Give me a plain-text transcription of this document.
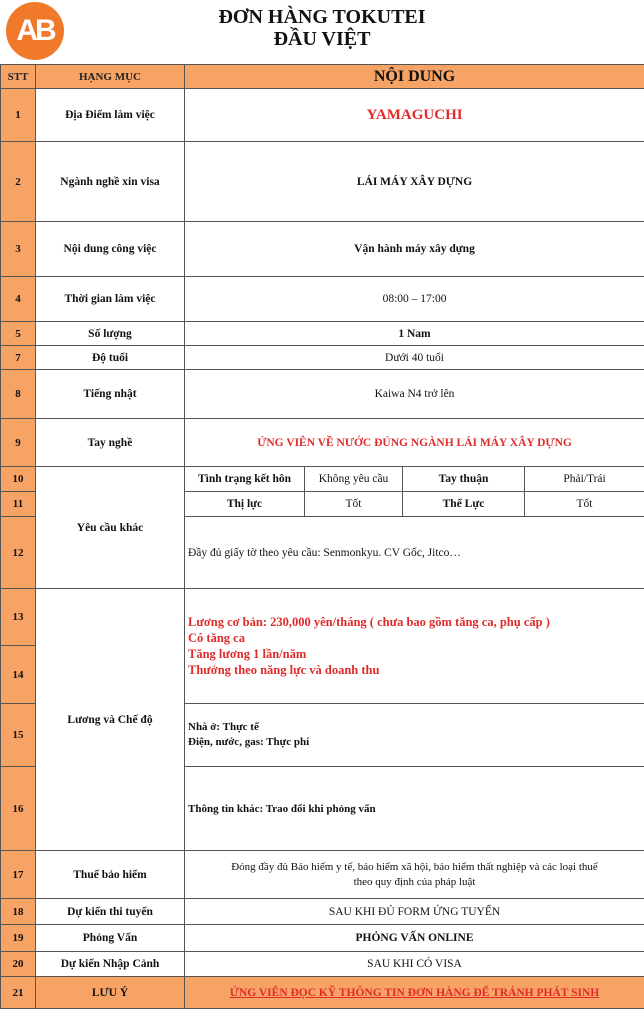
AB	ĐƠN HÀNG TOKUTEI
ĐẦU VIỆT
STT	HẠNG MỤC	NỘI DUNG			
1	Địa Điểm làm việc	YAMAGUCHI			
2	Ngành nghề xin visa	LÁI MÁY XÂY DỰNG			
3	Nội dung công việc	Vận hành máy xây dựng			
4	Thời gian làm việc	08:00 – 17:00			
5	Số lượng	1 Nam			
7	Độ tuổi	Dưới 40 tuổi			
8	Tiếng nhật	Kaiwa N4 trở lên			
9	Tay nghề	ỨNG VIÊN VỀ NƯỚC ĐÚNG NGÀNH LÁI MÁY XÂY DỰNG			
10	Yêu cầu khác	Tình trạng kết hôn	Không yêu cầu	Tay thuận	Phải/Trái
11		Thị lực	Tốt	Thể Lực	Tốt
12		Đầy đủ giấy tờ theo yêu cầu: Senmonkyu. CV Gốc, Jitco…			
13	Lương và Chế độ	Lương cơ bản: 230,000 yên/tháng ( chưa bao gồm tăng ca, phụ cấp )
Có tăng ca
Tăng lương 1 lần/năm
Thưởng theo năng lực và doanh thu			

14					
15		Nhà ở: Thực tế
Điện, nước, gas: Thực phí			

16		Thông tin khác: Trao đổi khi phỏng vấn			
17	Thuế bảo hiểm	Đóng đầy đủ Bảo hiểm y tế, bảo hiểm xã hội, bảo hiểm thất nghiệp và các loại thuế
theo quy định của pháp luật			

18	Dự kiến thi tuyển	SAU KHI ĐỦ FORM ỨNG TUYỂN			
19	Phỏng Vấn	PHỎNG VẤN ONLINE			
20	Dự kiến Nhập Cảnh	SAU KHI CÓ VISA			
21	LƯU Ý	ỨNG VIÊN ĐỌC KỸ THÔNG TIN ĐƠN HÀNG ĐỂ TRÁNH PHÁT SINH			
